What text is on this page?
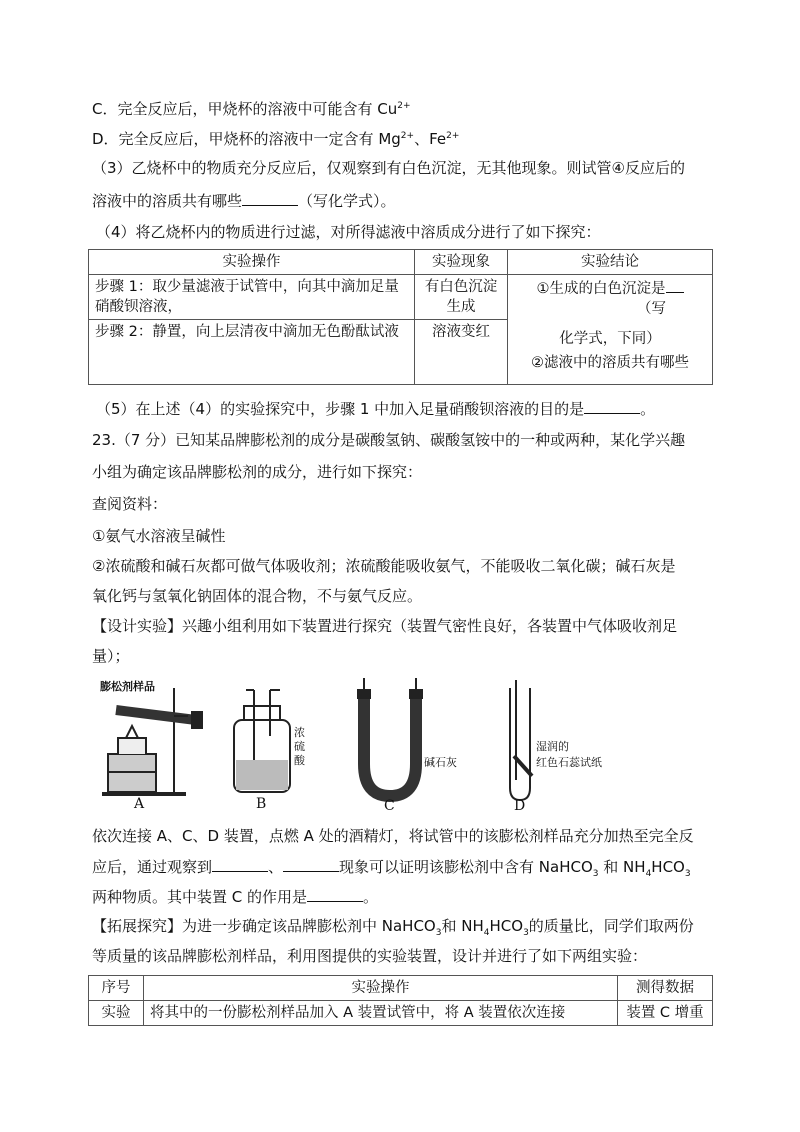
C．完全反应后，甲烧杯的溶液中可能含有 $Cu^{2+}$
D．完全反应后，甲烧杯的溶液中一定含有 $Mg^{2+}$、$Fe^{2+}$
（3）乙烧杯中的物质充分反应后，仅观察到有白色沉淀，无其他现象。则试管④反应后的
溶液中的溶质共有哪些	（写化学式）。
（4）将乙烧杯内的物质进行过滤，对所得滤液中溶质成分进行了如下探究：
实验操作	实验现象	实验结论
步骤 1：取少量滤液于试管中，向其中滴加足量硝酸钡溶液，	有白色沉淀生成	①生成的白色沉淀是
（写
化学式，下同）
②滤液中的溶质共有哪些

步骤 2：静置，向上层清夜中滴加无色酚酞试液	溶液变红	
（5）在上述（4）的实验探究中，步骤 1 中加入足量硝酸钡溶液的目的是	。
23.（7 分）已知某品牌膨松剂的成分是碳酸氢钠、碳酸氢铵中的一种或两种，某化学兴趣
小组为确定该品牌膨松剂的成分，进行如下探究：
查阅资料：
①氨气水溶液呈碱性
②浓硫酸和碱石灰都可做气体吸收剂；浓硫酸能吸收氨气，不能吸收二氧化碳；碱石灰是
氧化钙与氢氧化钠固体的混合物，不与氨气反应。
【设计实验】兴趣小组利用如下装置进行探究（装置气密性良好，各装置中气体吸收剂足
量）；
膨松剂样品
浓硫酸	碱石灰
湿润的
红色石蕊试纸
A	B	C	D
依次连接 A、C、D 装置，点燃 A 处的酒精灯，将试管中的该膨松剂样品充分加热至完全反
应后，通过观察到	、	现象可以证明该膨松剂中含有 NaHCO$_3$ 和 $NH_4HCO_3$
两种物质。其中装置 C 的作用是	。
【拓展探究】为进一步确定该品牌膨松剂中 NaHCO$_3$和 $NH_4HCO_3$的质量比，同学们取两份
等质量的该品牌膨松剂样品，利用图提供的实验装置，设计并进行了如下两组实验：
序号	实验操作	测得数据
实验	将其中的一份膨松剂样品加入 A 装置试管中，将 A 装置依次连接	装置 C 增重
